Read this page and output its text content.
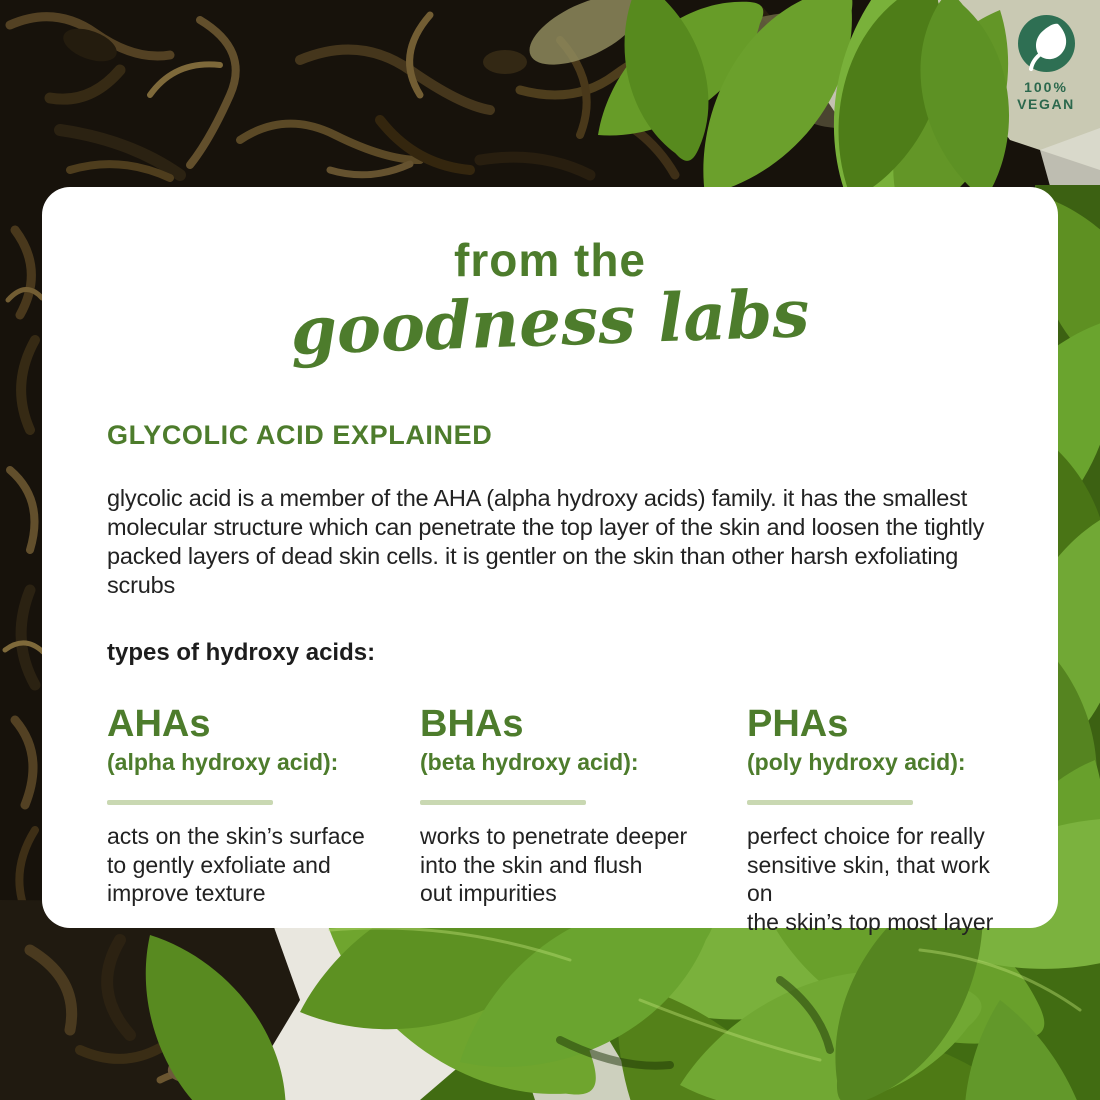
100%
VEGAN
from the
goodness labs
GLYCOLIC ACID EXPLAINED
glycolic acid is a member of the AHA (alpha hydroxy acids) family. it has the smallest molecular structure which can penetrate the top layer of the skin and loosen the tightly packed layers of dead skin cells. it is gentler on the skin than other harsh exfoliating scrubs
types of hydroxy acids:
AHAs
(alpha hydroxy acid):
acts on the skin’s surface
to gently exfoliate and
improve texture
BHAs
(beta hydroxy acid):
works to penetrate deeper
into the skin and flush
out impurities
PHAs
(poly hydroxy acid):
perfect choice for really
sensitive skin, that work on
the skin’s top most layer
